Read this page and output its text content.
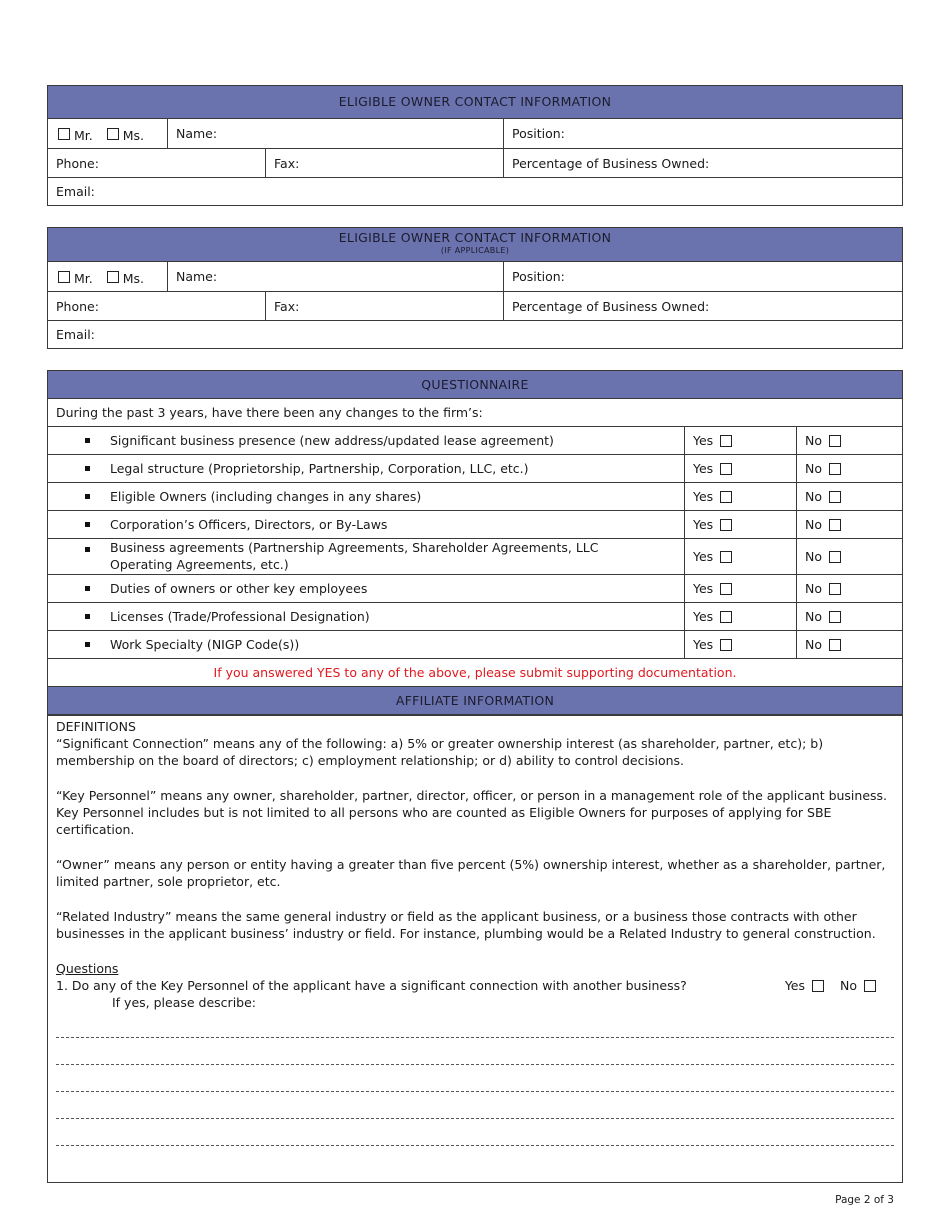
ELIGIBLE OWNER CONTACT INFORMATION
Mr. Ms.	Name:	Position:
Phone:	Fax:	Percentage of Business Owned:
Email:
ELIGIBLE OWNER CONTACT INFORMATION
(IF APPLICABLE)
Mr. Ms.	Name:	Position:
Phone:	Fax:	Percentage of Business Owned:
Email:
QUESTIONNAIRE
During the past 3 years, have there been any changes to the firm’s:
Significant business presence (new address/updated lease agreement)	Yes	No
Legal structure (Proprietorship, Partnership, Corporation, LLC, etc.)	Yes	No
Eligible Owners (including changes in any shares)	Yes	No
Corporation’s Officers, Directors, or By-Laws	Yes	No
Business agreements (Partnership Agreements, Shareholder Agreements, LLC Operating Agreements, etc.)
Yes	No
Duties of owners or other key employees	Yes	No
Licenses (Trade/Professional Designation)	Yes	No
Work Specialty (NIGP Code(s))	Yes	No
If you answered YES to any of the above, please submit supporting documentation.
AFFILIATE INFORMATION
DEFINITIONS
“Significant Connection” means any of the following: a) 5% or greater ownership interest (as shareholder, partner, etc); b) membership on the board of directors; c) employment relationship; or d) ability to control decisions.
“Key Personnel” means any owner, shareholder, partner, director, officer, or person in a management role of the applicant business. Key Personnel includes but is not limited to all persons who are counted as Eligible Owners for purposes of applying for SBE certification.
“Owner” means any person or entity having a greater than five percent (5%) ownership interest, whether as a shareholder, partner, limited partner, sole proprietor, etc.
“Related Industry” means the same general industry or field as the applicant business, or a business those contracts with other businesses in the applicant business’ industry or field. For instance, plumbing would be a Related Industry to general construction.
Questions
1. Do any of the Key Personnel of the applicant have a significant connection with another business?	Yes	No
If yes, please describe:
Page 2 of 3
